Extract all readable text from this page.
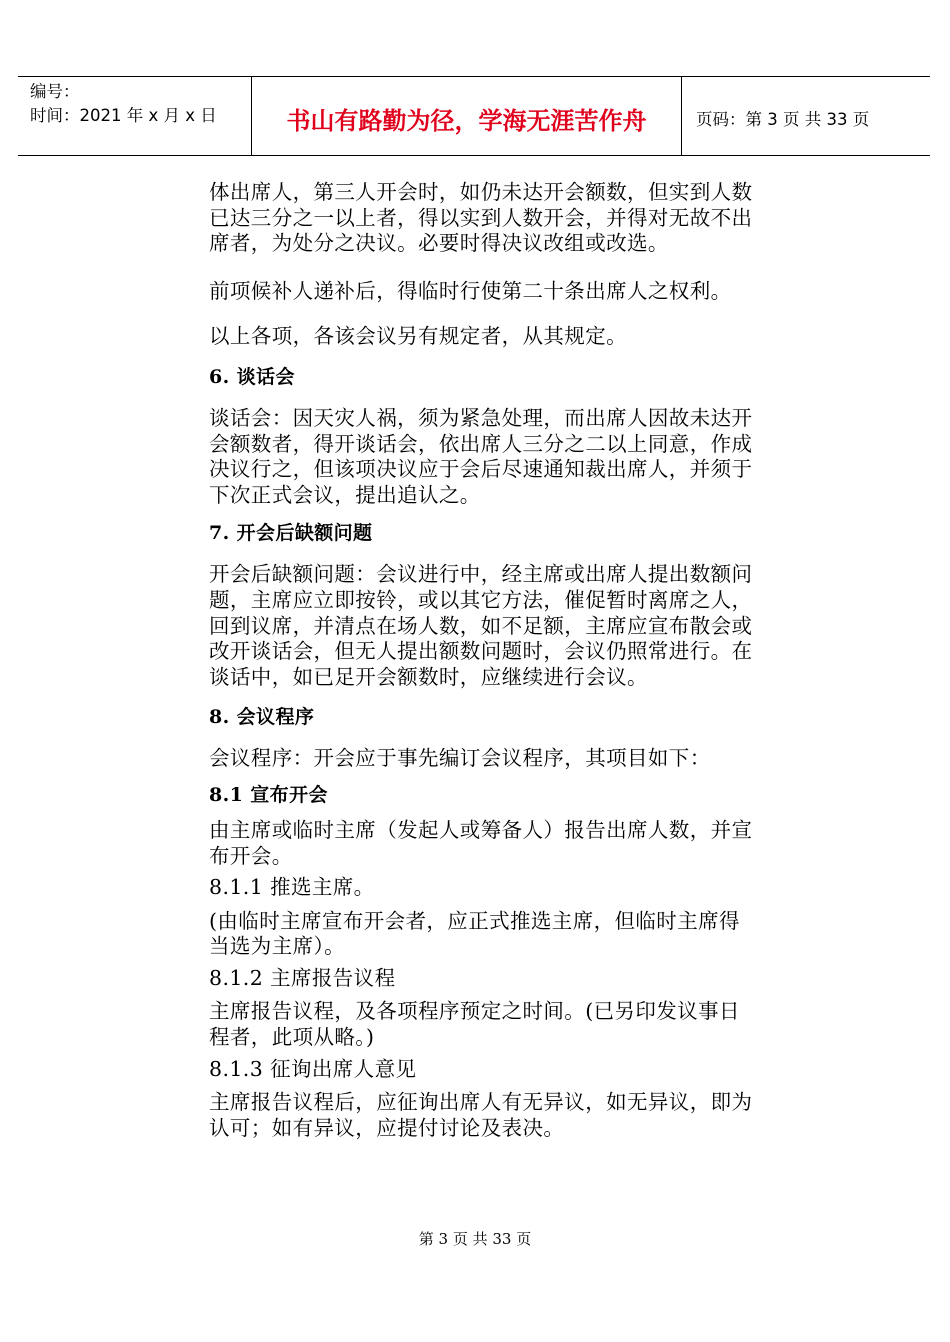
编号：
时间：2021 年 x 月 x 日	书山有路勤为径，学海无涯苦作舟	页码：第 3 页 共 33 页

体出席人，第三人开会时，如仍未达开会额数，但实到人数已达三分之一以上者，得以实到人数开会，并得对无故不出席者，为处分之决议。必要时得决议改组或改选。

前项候补人递补后，得临时行使第二十条出席人之权利。

以上各项，各该会议另有规定者，从其规定。

6. 谈话会

谈话会：因天灾人祸，须为紧急处理，而出席人因故未达开会额数者，得开谈话会，依出席人三分之二以上同意，作成决议行之，但该项决议应于会后尽速通知裁出席人，并须于下次正式会议，提出追认之。

7. 开会后缺额问题

开会后缺额问题：会议进行中，经主席或出席人提出数额问题，主席应立即按铃，或以其它方法，催促暂时离席之人，回到议席，并清点在场人数，如不足额，主席应宣布散会或改开谈话会，但无人提出额数问题时，会议仍照常进行。在谈话中，如已足开会额数时，应继续进行会议。

8. 会议程序

会议程序：开会应于事先编订会议程序，其项目如下：

8.1 宣布开会

由主席或临时主席（发起人或筹备人）报告出席人数，并宣布开会。

8.1.1 推选主席。

(由临时主席宣布开会者，应正式推选主席，但临时主席得当选为主席）。

8.1.2 主席报告议程

主席报告议程，及各项程序预定之时间。(已另印发议事日程者，此项从略。)

8.1.3 征询出席人意见

主席报告议程后，应征询出席人有无异议，如无异议，即为认可；如有异议，应提付讨论及表决。

第 3 页 共 33 页
